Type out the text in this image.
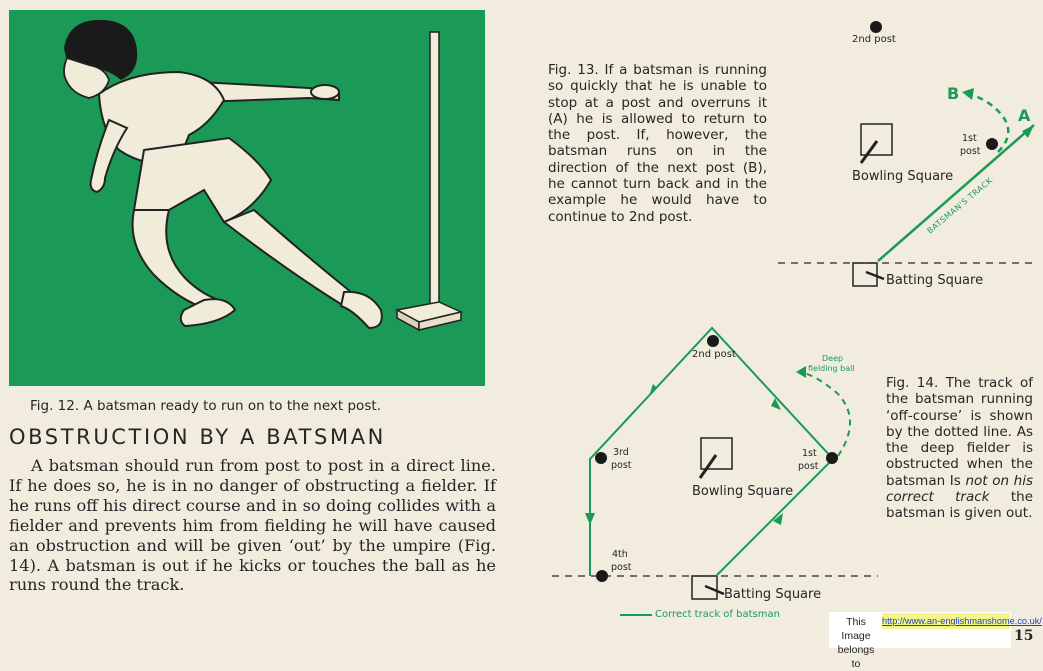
Fig. 12. A batsman ready to run on to the next post.
OBSTRUCTION BY A BATSMAN
A batsman should run from post to post in a direct line. If he does so, he is in no danger of obstructing a fielder. If he runs off his direct course and in so doing collides with a fielder and prevents him from fielding he will have caused an obstruction and will be given ‘out’ by the umpire (Fig. 14). A batsman is out if he kicks or touches the ball as he runs round the track.
Fig. 13. If a batsman is running so quickly that he is unable to stop at a post and overruns it (A) he is allowed to return to the post. If, however, the batsman runs on in the direction of the next post (B), he cannot turn back and in the example he would have to continue to 2nd post.	BATSMAN'S TRACK
2nd post
1st
post
Bowling Square
Batting Square
A
B
2nd post
3rd
post
1st
post
4th
post
Bowling Square
Batting Square
Deep
fielding ball
Correct track of batsman
Fig. 14. The track of the batsman running ‘off-course’ is shown by the dotted line. As the deep fielder is obstructed when the batsman Is not on his correct track the batsman is given out.
This Image belongs to
http://www.an-englishmanshome.co.uk/
15
